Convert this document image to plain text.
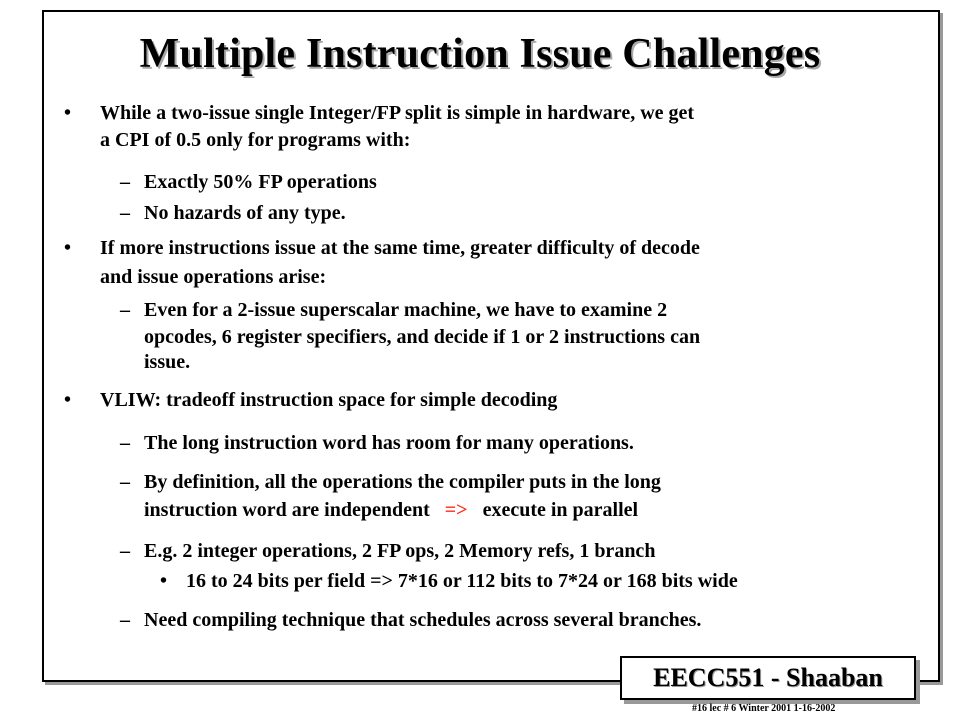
Multiple Instruction Issue Challenges
• While a two-issue single Integer/FP split is simple in hardware, we get
a CPI of 0.5 only for programs with:
– Exactly 50% FP operations
– No hazards of any type.
• If more instructions issue at the same time, greater difficulty of decode
and issue operations arise:
– Even for a 2-issue superscalar machine, we have to examine 2
opcodes, 6 register specifiers, and decide if 1 or 2 instructions can
issue.
• VLIW: tradeoff instruction space for simple decoding
– The long instruction word has room for many operations.
– By definition, all the operations the compiler puts in the long
instruction word are independent => execute in parallel
– E.g. 2 integer operations, 2 FP ops, 2 Memory refs, 1 branch
• 16 to 24 bits per field => 7*16 or 112 bits to 7*24 or 168 bits wide
– Need compiling technique that schedules across several branches.
EECC551 - Shaaban
#16 lec # 6 Winter 2001 1-16-2002
